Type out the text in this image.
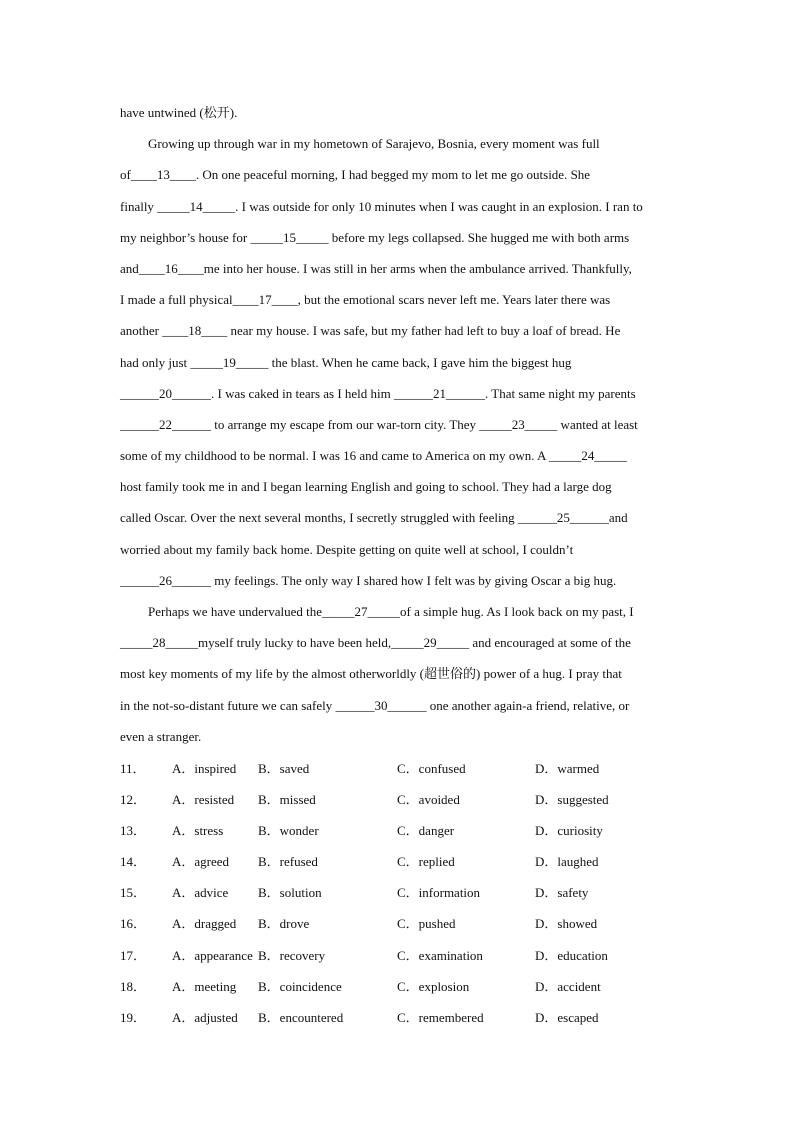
have untwined (松开).
Growing up through war in my hometown of Sarajevo, Bosnia, every moment was full
of____13____. On one peaceful morning, I had begged my mom to let me go outside. She
finally _____14_____. I was outside for only 10 minutes when I was caught in an explosion. I ran to
my neighbor’s house for _____15_____ before my legs collapsed. She hugged me with both arms
and____16____me into her house. I was still in her arms when the ambulance arrived. Thankfully,
I made a full physical____17____, but the emotional scars never left me. Years later there was
another ____18____ near my house. I was safe, but my father had left to buy a loaf of bread. He
had only just _____19_____ the blast. When he came back, I gave him the biggest hug
______20______. I was caked in tears as I held him ______21______. That same night my parents
______22______ to arrange my escape from our war-torn city. They _____23_____ wanted at least
some of my childhood to be normal. I was 16 and came to America on my own. A _____24_____
host family took me in and I began learning English and going to school. They had a large dog
called Oscar. Over the next several months, I secretly struggled with feeling ______25______and
worried about my family back home. Despite getting on quite well at school, I couldn’t
______26______ my feelings. The only way I shared how I felt was by giving Oscar a big hug.
Perhaps we have undervalued the_____27_____of a simple hug. As I look back on my past, I
_____28_____myself truly lucky to have been held,_____29_____ and encouraged at some of the
most key moments of my life by the almost otherworldly (超世俗的) power of a hug. I pray that
in the not-so-distant future we can safely ______30______ one another again-a friend, relative, or
even a stranger.
11． A．inspired B．saved	C．confused	D．warmed
12． A．resisted B．missed	C．avoided	D．suggested
13． A．stress	B．wonder	C．danger	D．curiosity
14． A．agreed B．refused	C．replied	D．laughed
15． A．advice B．solution	C．information	D．safety
16． A．dragged B．drove	C．pushed	D．showed
17． A．appearance B．recovery	C．examination	D．education
18． A．meeting B．coincidence	C．explosion	D．accident
19． A．adjusted B．encountered	C．remembered	D．escaped
